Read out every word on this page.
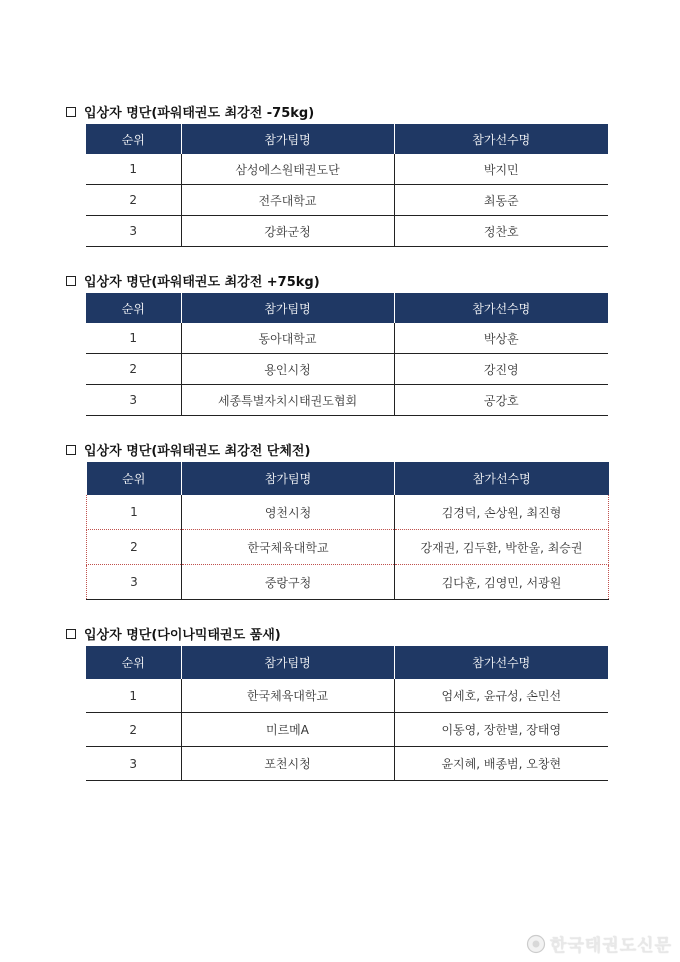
입상자 명단(파워태권도 최강전 -75kg)
순위	참가팀명	참가선수명
1	삼성에스원태권도단	박지민
2	전주대학교	최동준
3	강화군청	정찬호
입상자 명단(파워태권도 최강전 +75kg)
순위	참가팀명	참가선수명
1	동아대학교	박상훈
2	용인시청	강진영
3	세종특별자치시태권도협회	공강호
입상자 명단(파워태권도 최강전 단체전)
순위	참가팀명	참가선수명
1	영천시청	김경덕, 손상원, 최진형
2	한국체육대학교	강재권, 김두환, 박한울, 최승권
3	중랑구청	김다훈, 김영민, 서광원
입상자 명단(다이나믹태권도 품새)
순위	참가팀명	참가선수명
1	한국체육대학교	엄세호, 윤규성, 손민선
2	미르메A	이동영, 장한별, 장태영
3	포천시청	윤지혜, 배종범, 오창현
한국태권도신문
